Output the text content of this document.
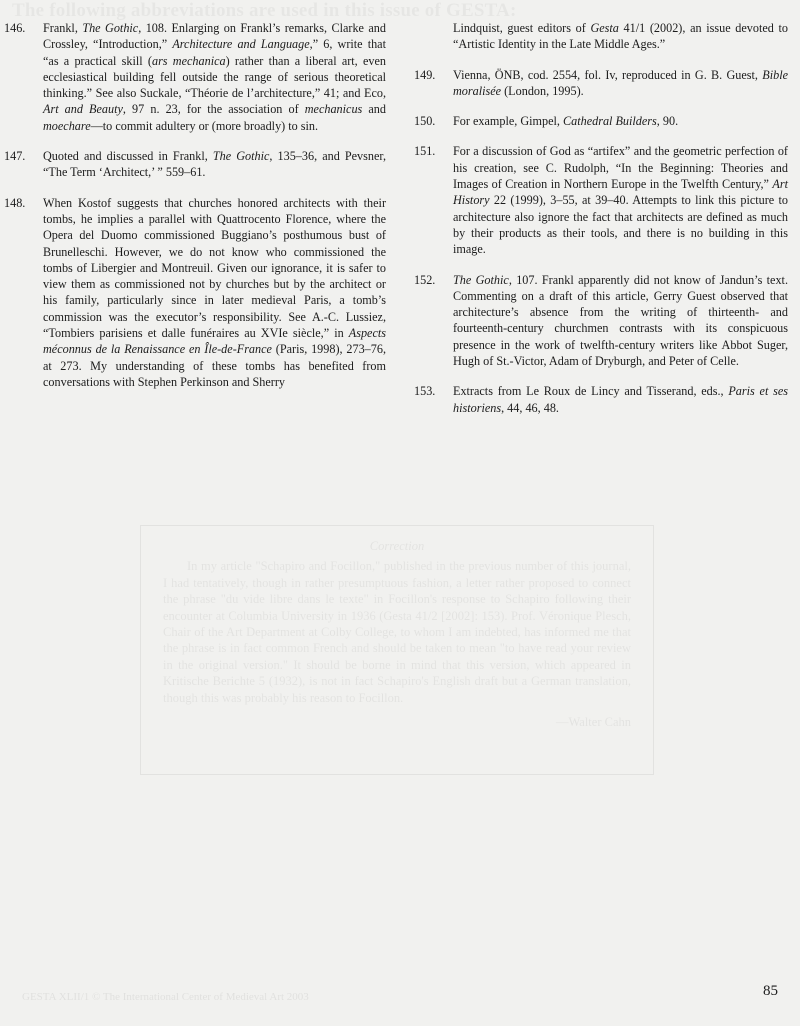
Correction
In my article "Schapiro and Focillon," published in the previous number of this journal, I had tentatively, though in rather presumptuous fashion, a letter rather proposed to connect the phrase "du vide libre dans le texte" in Focillon's response to Schapiro following their encounter at Columbia University in 1936 (Gesta 41/2 [2002]: 153). Prof. Véronique Plesch, Chair of the Art Department at Colby College, to whom I am indebted, has informed me that the phrase is in fact common French and should be taken to mean "to have read your review in the original version." It should be borne in mind that this version, which appeared in Kritische Berichte 5 (1932), is not in fact Schapiro's English draft but a German translation, though this was probably his reason to Focillon.
—Walter Cahn
GESTA XLII/1 © The International Center of Medieval Art 2003
146.	Frankl, The Gothic, 108. Enlarging on Frankl’s remarks, Clarke and Crossley, “Introduction,” Architecture and Language,” 6, write that “as a practical skill (ars mechanica) rather than a liberal art, even ecclesiastical building fell outside the range of serious theoretical thinking.” See also Suckale, “Théorie de l’architecture,” 41; and Eco, Art and Beauty, 97 n. 23, for the association of mechanicus and moechare—to commit adultery or (more broadly) to sin.

147.	Quoted and discussed in Frankl, The Gothic, 135–36, and Pevsner, “The Term ‘Architect,’ ” 559–61.

148.	When Kostof suggests that churches honored architects with their tombs, he implies a parallel with Quattrocento Florence, where the Opera del Duomo commissioned Buggiano’s posthumous bust of Brunelleschi. However, we do not know who commissioned the tombs of Libergier and Montreuil. Given our ignorance, it is safer to view them as commissioned not by churches but by the architect or his family, particularly since in later medieval Paris, a tomb’s commission was the executor’s responsibility. See A.-C. Lussiez, “Tombiers parisiens et dalle funéraires au XVIe siècle,” in Aspects méconnus de la Renaissance en Île-de-France (Paris, 1998), 273–76, at 273. My understanding of these tombs has benefited from conversations with Stephen Perkinson and Sherry

Lindquist, guest editors of Gesta 41/1 (2002), an issue devoted to “Artistic Identity in the Late Middle Ages.”

149.	Vienna, ÖNB, cod. 2554, fol. Iv, reproduced in G. B. Guest, Bible moralisée (London, 1995).

150.	For example, Gimpel, Cathedral Builders, 90.

151.	For a discussion of God as “artifex” and the geometric perfection of his creation, see C. Rudolph, “In the Beginning: Theories and Images of Creation in Northern Europe in the Twelfth Century,” Art History 22 (1999), 3–55, at 39–40. Attempts to link this picture to architecture also ignore the fact that architects are defined as much by their products as their tools, and there is no building in this image.

152.	The Gothic, 107. Frankl apparently did not know of Jandun’s text. Commenting on a draft of this article, Gerry Guest observed that architecture’s absence from the writing of thirteenth- and fourteenth-century churchmen contrasts with its conspicuous presence in the work of twelfth-century writers like Abbot Suger, Hugh of St.-Victor, Adam of Dryburgh, and Peter of Celle.

153.	Extracts from Le Roux de Lincy and Tisserand, eds., Paris et ses historiens, 44, 46, 48.

85
